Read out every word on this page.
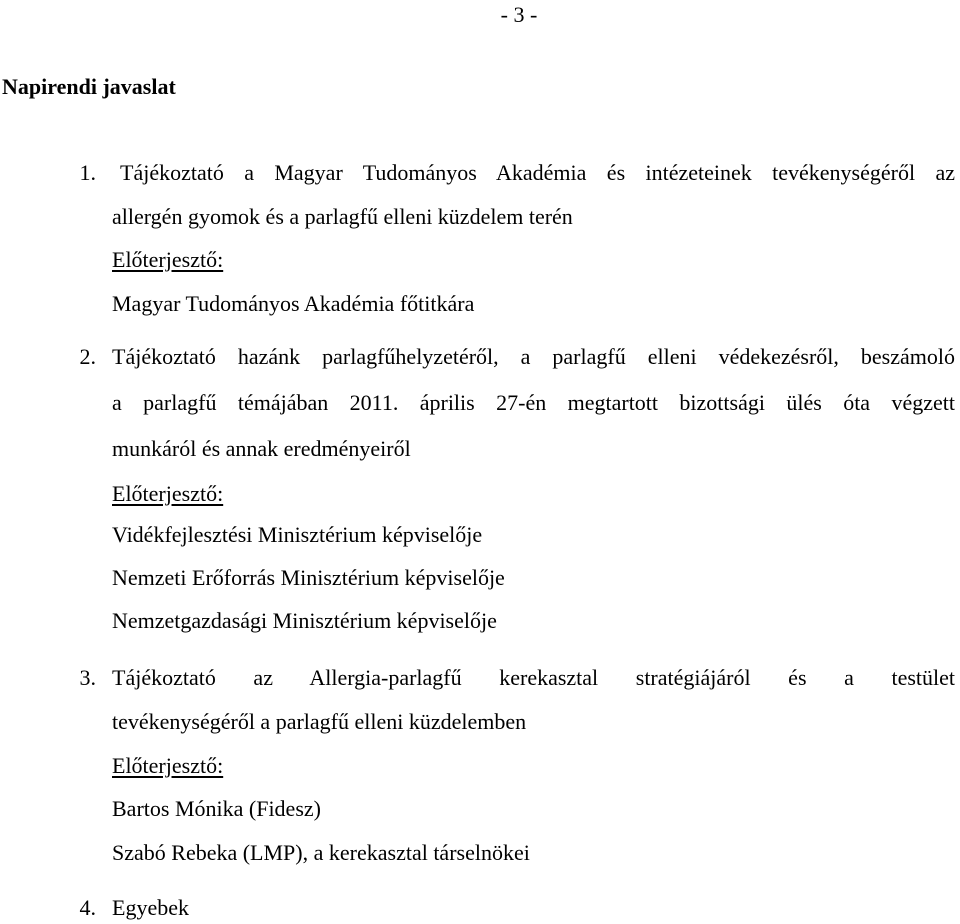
- 3 -
Napirendi javaslat
1. Tájékoztató a Magyar Tudományos Akadémia és intézeteinek tevékenységéről az
allergén gyomok és a parlagfű elleni küzdelem terén
Előterjesztő:
Magyar Tudományos Akadémia főtitkára
2. Tájékoztató hazánk parlagfűhelyzetéről, a parlagfű elleni védekezésről, beszámoló
a parlagfű témájában 2011. április 27-én megtartott bizottsági ülés óta végzett
munkáról és annak eredményeiről
Előterjesztő:
Vidékfejlesztési Minisztérium képviselője
Nemzeti Erőforrás Minisztérium képviselője
Nemzetgazdasági Minisztérium képviselője
3. Tájékoztató az Allergia-parlagfű kerekasztal stratégiájáról és a testület
tevékenységéről a parlagfű elleni küzdelemben
Előterjesztő:
Bartos Mónika (Fidesz)
Szabó Rebeka (LMP), a kerekasztal társelnökei
4. Egyebek
